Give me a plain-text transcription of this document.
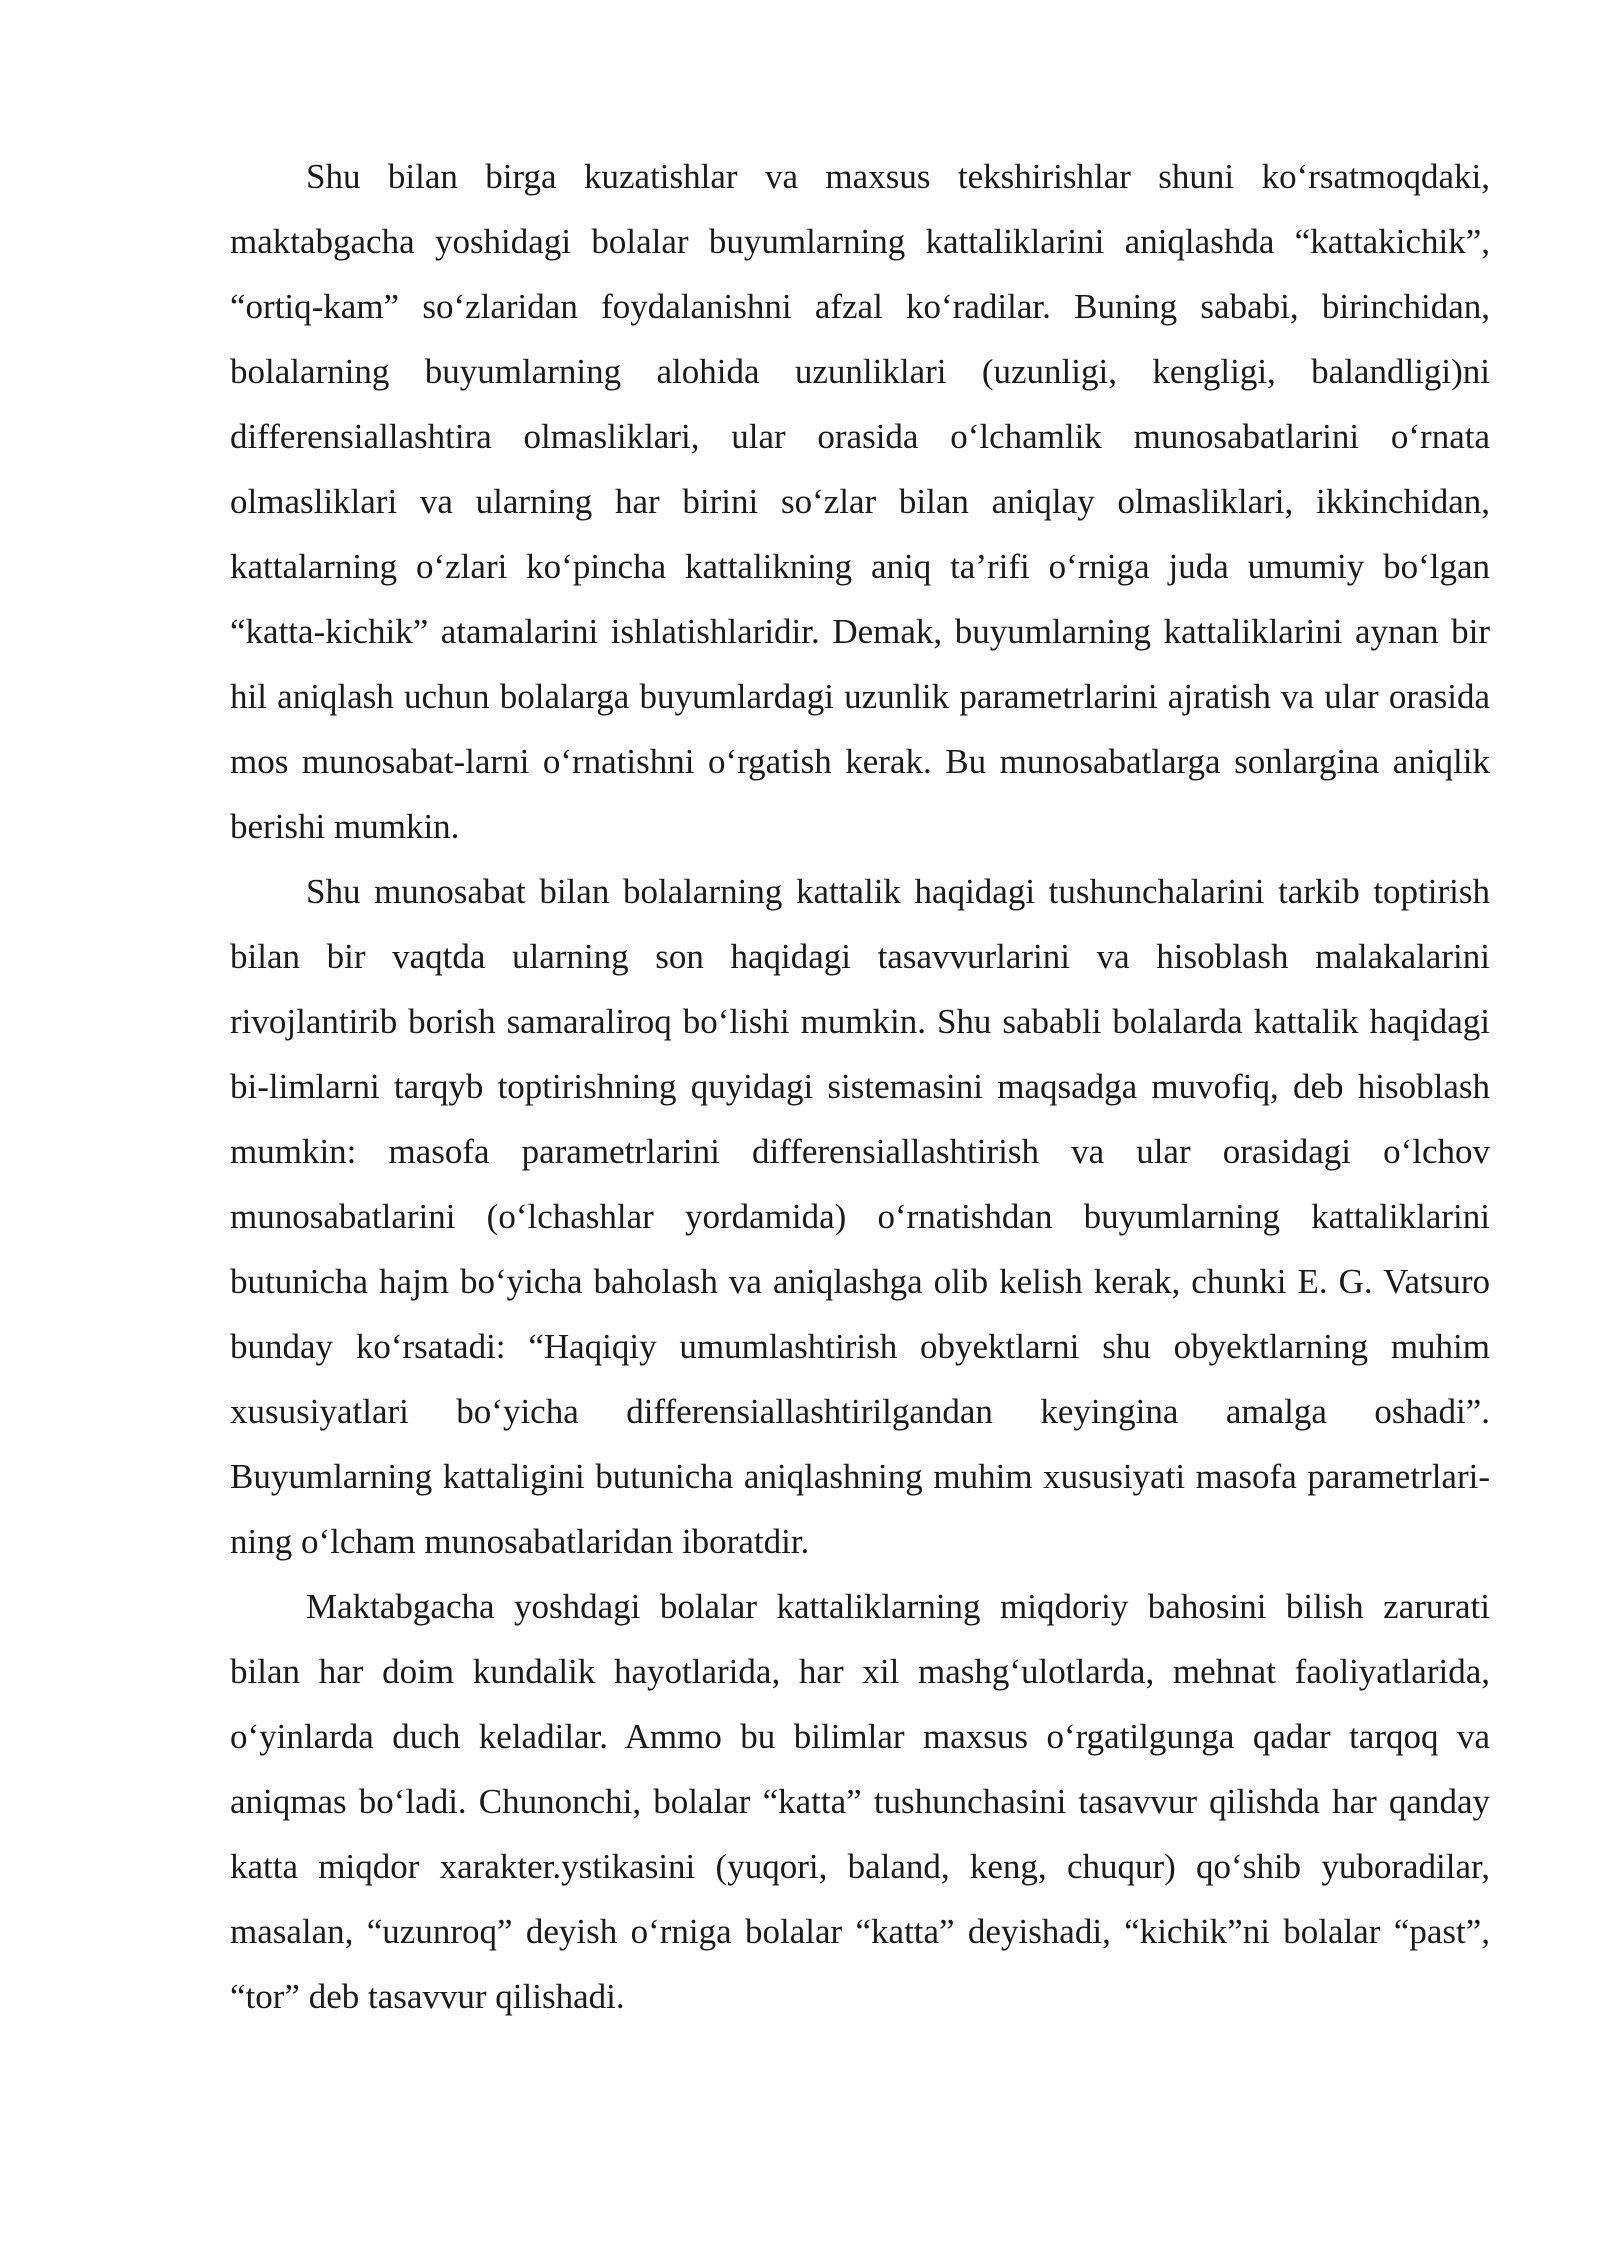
Shu bilan birga kuzatishlar va maxsus tekshirishlar shuni ko‘rsatmoqdaki, maktabgacha yoshidagi bolalar buyumlarning kattaliklarini aniqlashda “kattakichik”, “ortiq-kam” so‘zlaridan foydalanishni afzal ko‘radilar. Buning sababi, birinchidan, bolalarning buyumlarning alohida uzunliklari (uzunligi, kengligi, balandligi)ni differensiallashtira olmasliklari, ular orasida o‘lchamlik munosabatlarini o‘rnata olmasliklari va ularning har birini so‘zlar bilan aniqlay olmasliklari, ikkinchidan, kattalarning o‘zlari ko‘pincha kattalikning aniq ta’rifi o‘rniga juda umumiy bo‘lgan “katta-kichik” atamalarini ishlatishlaridir. Demak, buyumlarning kattaliklarini aynan bir hil aniqlash uchun bolalarga buyumlardagi uzunlik parametrlarini ajratish va ular orasida mos munosabat-larni o‘rnatishni o‘rgatish kerak. Bu munosabatlarga sonlargina aniqlik berishi mumkin.

Shu munosabat bilan bolalarning kattalik haqidagi tushunchalarini tarkib toptirish bilan bir vaqtda ularning son haqidagi tasavvurlarini va hisoblash malakalarini rivojlantirib borish samaraliroq bo‘lishi mumkin. Shu sababli bolalarda kattalik haqidagi bi-limlarni tarqyb toptirishning quyidagi sistemasini maqsadga muvofiq, deb hisoblash mumkin: masofa parametrlarini differensiallashtirish va ular orasidagi o‘lchov munosabatlarini (o‘lchashlar yordamida) o‘rnatishdan buyumlarning kattaliklarini butunicha hajm bo‘yicha baholash va aniqlashga olib kelish kerak, chunki E. G. Vatsuro bunday ko‘rsatadi: “Haqiqiy umumlashtirish obyektlarni shu obyektlarning muhim xususiyatlari bo‘yicha differensiallashtirilgandan keyingina amalga oshadi”. Buyumlarning kattaligini butunicha aniqlashning muhim xususiyati masofa parametrlari-ning o‘lcham munosabatlaridan iboratdir.

Maktabgacha yoshdagi bolalar kattaliklarning miqdoriy bahosini bilish zarurati bilan har doim kundalik hayotlarida, har xil mashg‘ulotlarda, mehnat faoliyatlarida, o‘yinlarda duch keladilar. Ammo bu bilimlar maxsus o‘rgatilgunga qadar tarqoq va aniqmas bo‘ladi. Chunonchi, bolalar “katta” tushunchasini tasavvur qilishda har qanday katta miqdor xarakter.ystikasini (yuqori, baland, keng, chuqur) qo‘shib yuboradilar, masalan, “uzunroq” deyish o‘rniga bolalar “katta” deyishadi, “kichik”ni bolalar “past”, “tor” deb tasavvur qilishadi.
